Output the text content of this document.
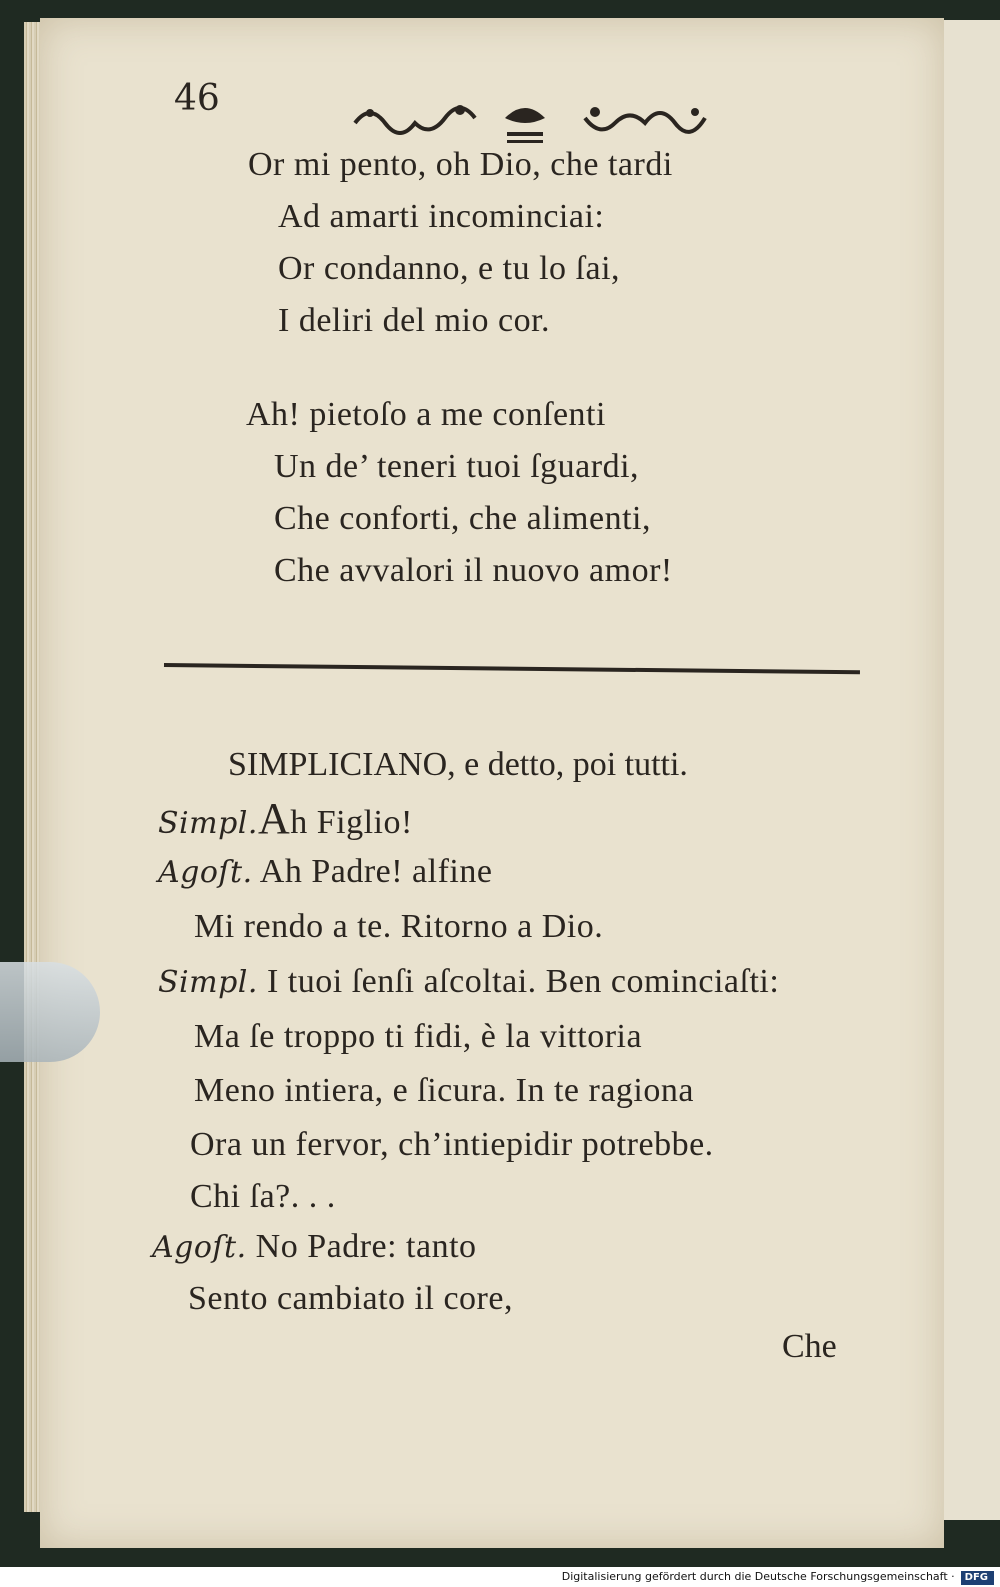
46
Or mi pento, oh Dio, che tardi
Ad amarti incominciai:
Or condanno, e tu lo ſai,
I deliri del mio cor.
Ah! pietoſo a me conſenti
Un de’ teneri tuoi ſguardi,
Che conforti, che alimenti,
Che avvalori il nuovo amor!
SIMPLICIANO, e detto, poi tutti.
Simpl.Ah Figlio!
Agoſt. Ah Padre! alfine
Mi rendo a te. Ritorno a Dio.
Simpl. I tuoi ſenſi aſcoltai. Ben cominciaſti:
Ma ſe troppo ti fidi, è la vittoria
Meno intiera, e ſicura. In te ragiona
Ora un fervor, ch’intiepidir potrebbe.
Chi ſa?. . .
Agoſt. No Padre: tanto
Sento cambiato il core,
Che
Digitalisierung gefördert durch die Deutsche Forschungsgemeinschaft · DFG
